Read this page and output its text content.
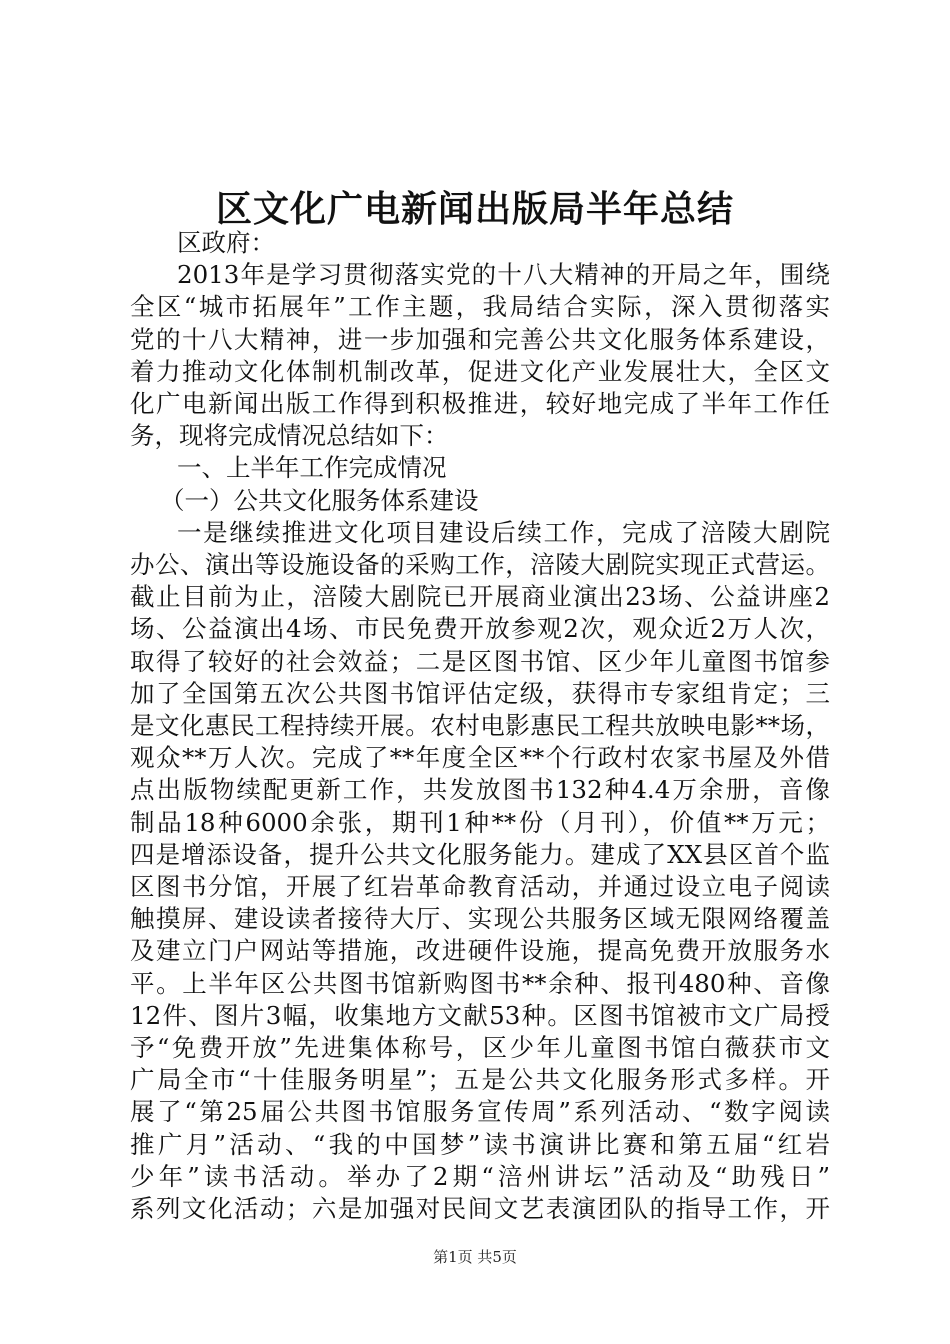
区文化广电新闻出版局半年总结

区政府：

2013年是学习贯彻落实党的十八大精神的开局之年，围绕

全区“城市拓展年”工作主题，我局结合实际，深入贯彻落实

党的十八大精神，进一步加强和完善公共文化服务体系建设，

着力推动文化体制机制改革，促进文化产业发展壮大，全区文

化广电新闻出版工作得到积极推进，较好地完成了半年工作任

务，现将完成情况总结如下：

一、上半年工作完成情况

（一）公共文化服务体系建设

一是继续推进文化项目建设后续工作，完成了涪陵大剧院

办公、演出等设施设备的采购工作，涪陵大剧院实现正式营运。

截止目前为止，涪陵大剧院已开展商业演出23场、公益讲座2

场、公益演出4场、市民免费开放参观2次，观众近2万人次，

取得了较好的社会效益；二是区图书馆、区少年儿童图书馆参

加了全国第五次公共图书馆评估定级，获得市专家组肯定；三

是文化惠民工程持续开展。农村电影惠民工程共放映电影**场，

观众**万人次。完成了**年度全区**个行政村农家书屋及外借

点出版物续配更新工作，共发放图书132种4.4万余册，音像

制品18种6000余张，期刊1种**份（月刊），价值**万元；

四是增添设备，提升公共文化服务能力。建成了XX县区首个监

区图书分馆，开展了红岩革命教育活动，并通过设立电子阅读

触摸屏、建设读者接待大厅、实现公共服务区域无限网络覆盖

及建立门户网站等措施，改进硬件设施，提高免费开放服务水

平。上半年区公共图书馆新购图书**余种、报刊480种、音像

12件、图片3幅，收集地方文献53种。区图书馆被市文广局授

予“免费开放”先进集体称号，区少年儿童图书馆白薇获市文

广局全市“十佳服务明星”；五是公共文化服务形式多样。开

展了“第25届公共图书馆服务宣传周”系列活动、“数字阅读

推广月”活动、“我的中国梦”读书演讲比赛和第五届“红岩

少年”读书活动。举办了2期“涪州讲坛”活动及“助残日”

系列文化活动；六是加强对民间文艺表演团队的指导工作，开

第1页 共5页
